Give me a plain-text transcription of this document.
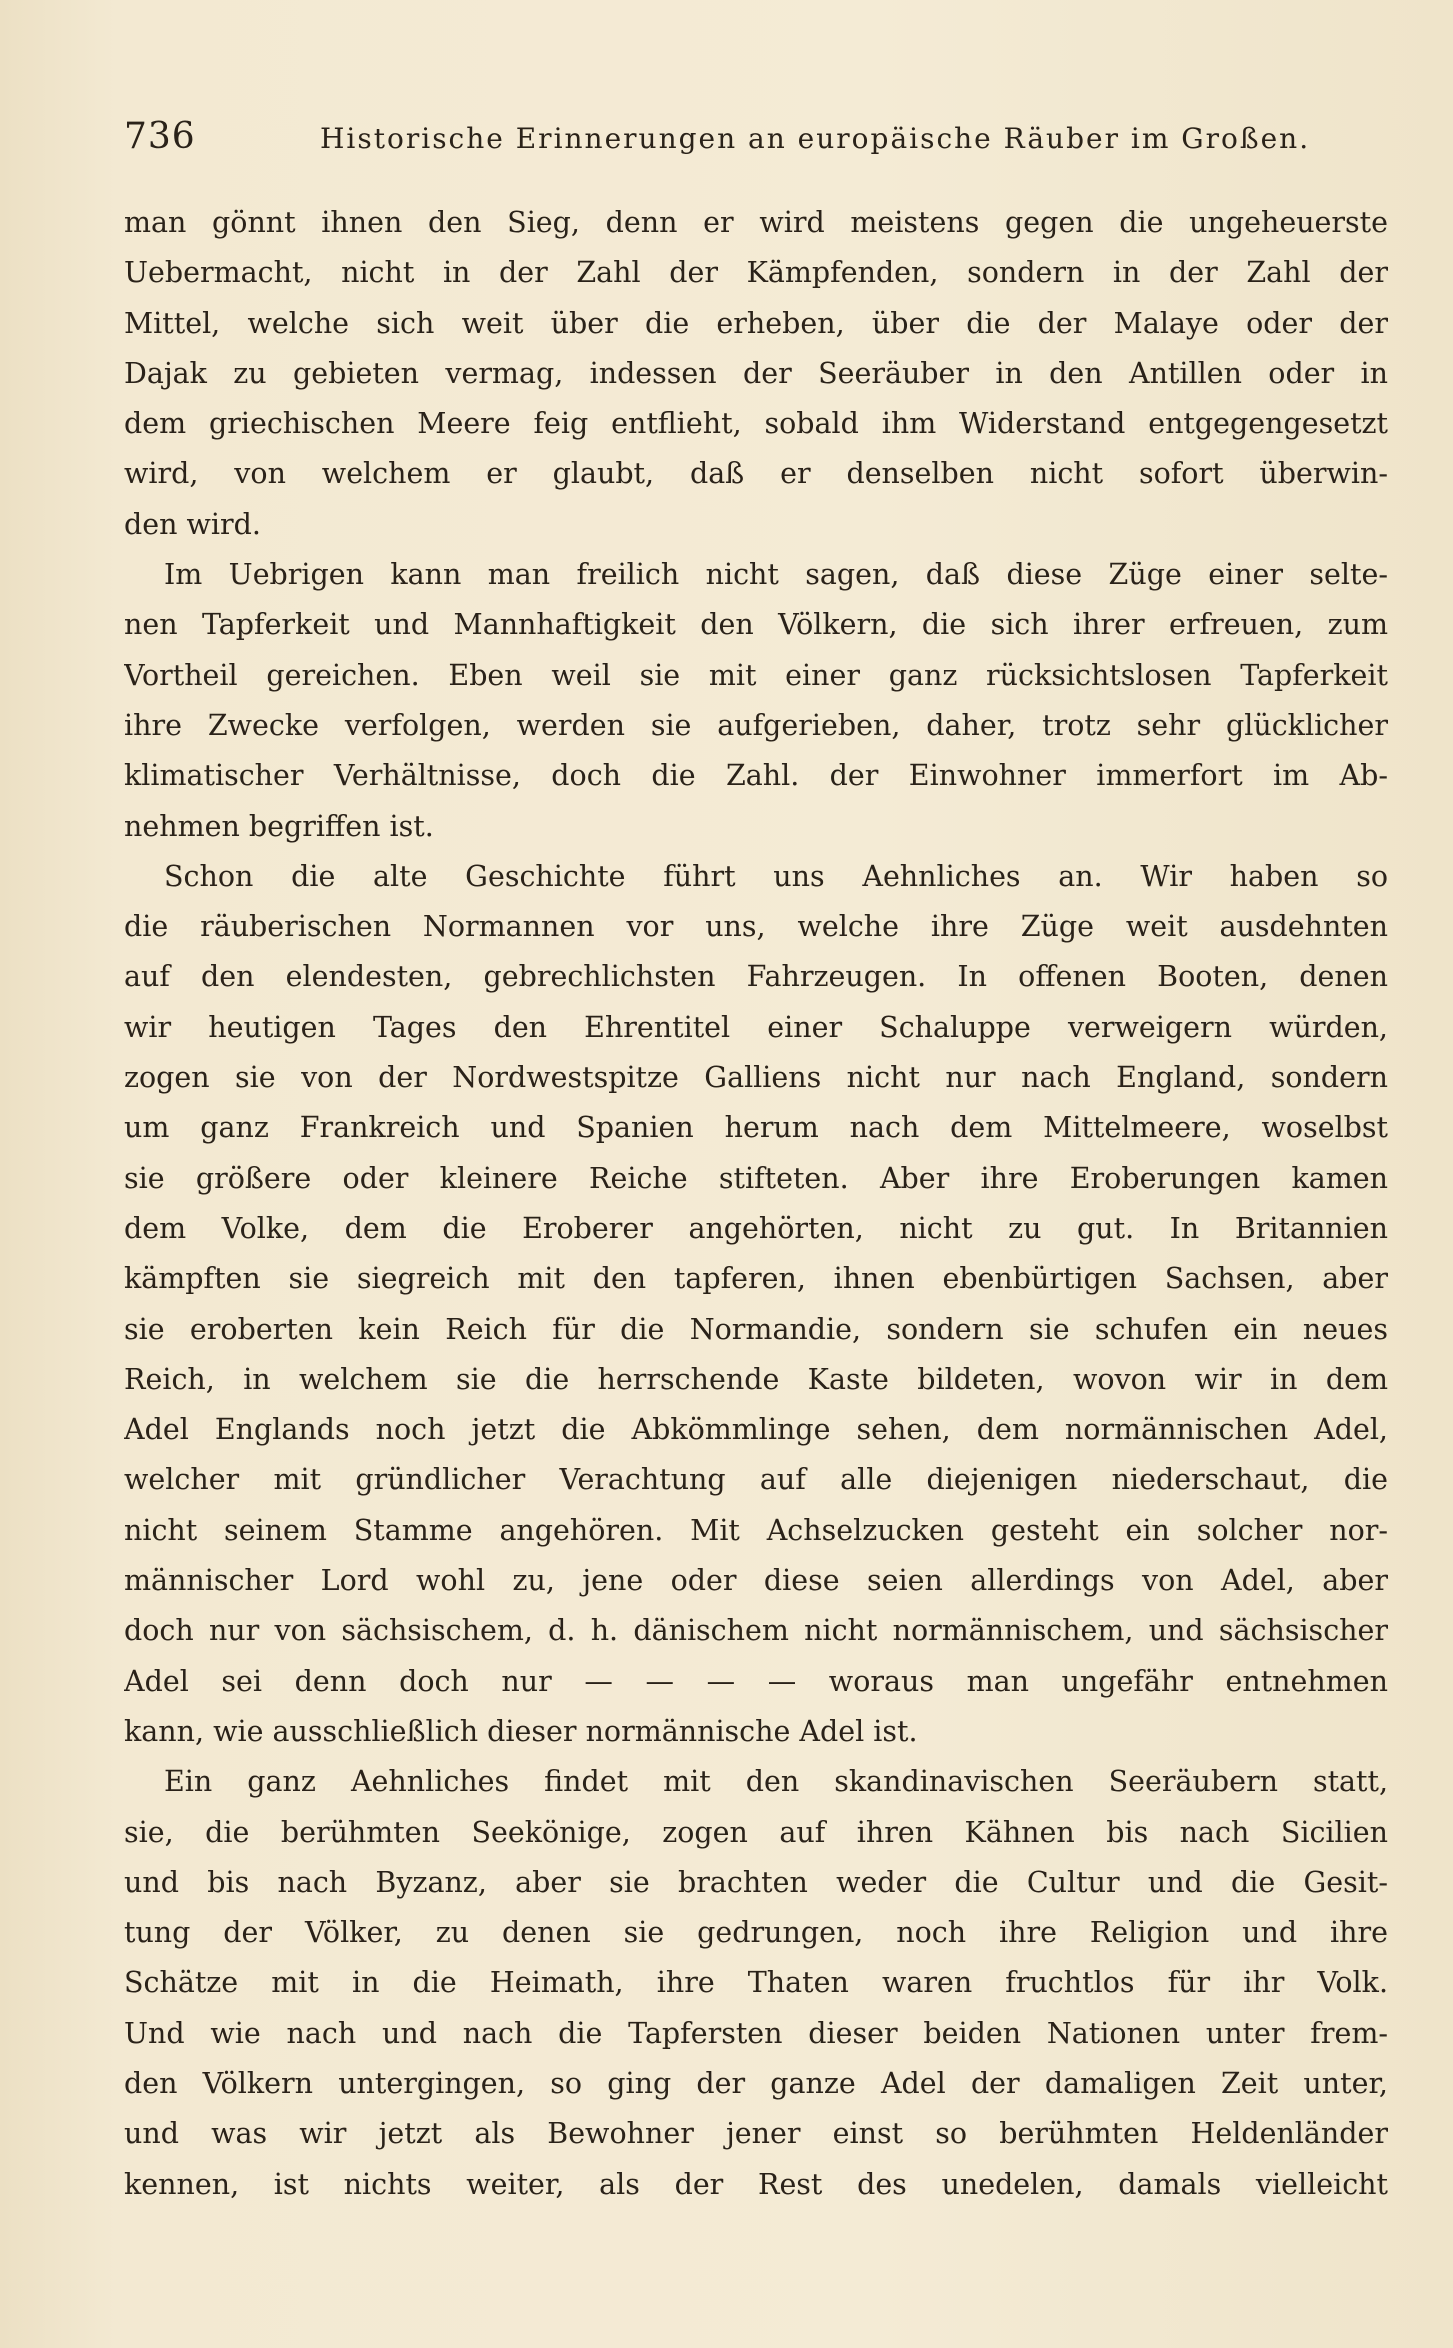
736	Historische Erinnerungen an europäische Räuber im Großen.
man gönnt ihnen den Sieg, denn er wird meistens gegen die ungeheuerste
Uebermacht, nicht in der Zahl der Kämpfenden, sondern in der Zahl der
Mittel, welche sich weit über die erheben, über die der Malaye oder der
Dajak zu gebieten vermag, indessen der Seeräuber in den Antillen oder in
dem griechischen Meere feig entflieht, sobald ihm Widerstand entgegengesetzt
wird, von welchem er glaubt, daß er denselben nicht sofort überwin-
den wird.
Im Uebrigen kann man freilich nicht sagen, daß diese Züge einer selte-
nen Tapferkeit und Mannhaftigkeit den Völkern, die sich ihrer erfreuen, zum
Vortheil gereichen. Eben weil sie mit einer ganz rücksichtslosen Tapferkeit
ihre Zwecke verfolgen, werden sie aufgerieben, daher, trotz sehr glücklicher
klimatischer Verhältnisse, doch die Zahl. der Einwohner immerfort im Ab-
nehmen begriffen ist.
Schon die alte Geschichte führt uns Aehnliches an. Wir haben so
die räuberischen Normannen vor uns, welche ihre Züge weit ausdehnten
auf den elendesten, gebrechlichsten Fahrzeugen. In offenen Booten, denen
wir heutigen Tages den Ehrentitel einer Schaluppe verweigern würden,
zogen sie von der Nordwestspitze Galliens nicht nur nach England, sondern
um ganz Frankreich und Spanien herum nach dem Mittelmeere, woselbst
sie größere oder kleinere Reiche stifteten. Aber ihre Eroberungen kamen
dem Volke, dem die Eroberer angehörten, nicht zu gut. In Britannien
kämpften sie siegreich mit den tapferen, ihnen ebenbürtigen Sachsen, aber
sie eroberten kein Reich für die Normandie, sondern sie schufen ein neues
Reich, in welchem sie die herrschende Kaste bildeten, wovon wir in dem
Adel Englands noch jetzt die Abkömmlinge sehen, dem normännischen Adel,
welcher mit gründlicher Verachtung auf alle diejenigen niederschaut, die
nicht seinem Stamme angehören. Mit Achselzucken gesteht ein solcher nor-
männischer Lord wohl zu, jene oder diese seien allerdings von Adel, aber
doch nur von sächsischem, d. h. dänischem nicht normännischem, und sächsischer
Adel sei denn doch nur — — — — woraus man ungefähr entnehmen
kann, wie ausschließlich dieser normännische Adel ist.
Ein ganz Aehnliches findet mit den skandinavischen Seeräubern statt,
sie, die berühmten Seekönige, zogen auf ihren Kähnen bis nach Sicilien
und bis nach Byzanz, aber sie brachten weder die Cultur und die Gesit-
tung der Völker, zu denen sie gedrungen, noch ihre Religion und ihre
Schätze mit in die Heimath, ihre Thaten waren fruchtlos für ihr Volk.
Und wie nach und nach die Tapfersten dieser beiden Nationen unter frem-
den Völkern untergingen, so ging der ganze Adel der damaligen Zeit unter,
und was wir jetzt als Bewohner jener einst so berühmten Heldenländer
kennen, ist nichts weiter, als der Rest des unedelen, damals vielleicht
